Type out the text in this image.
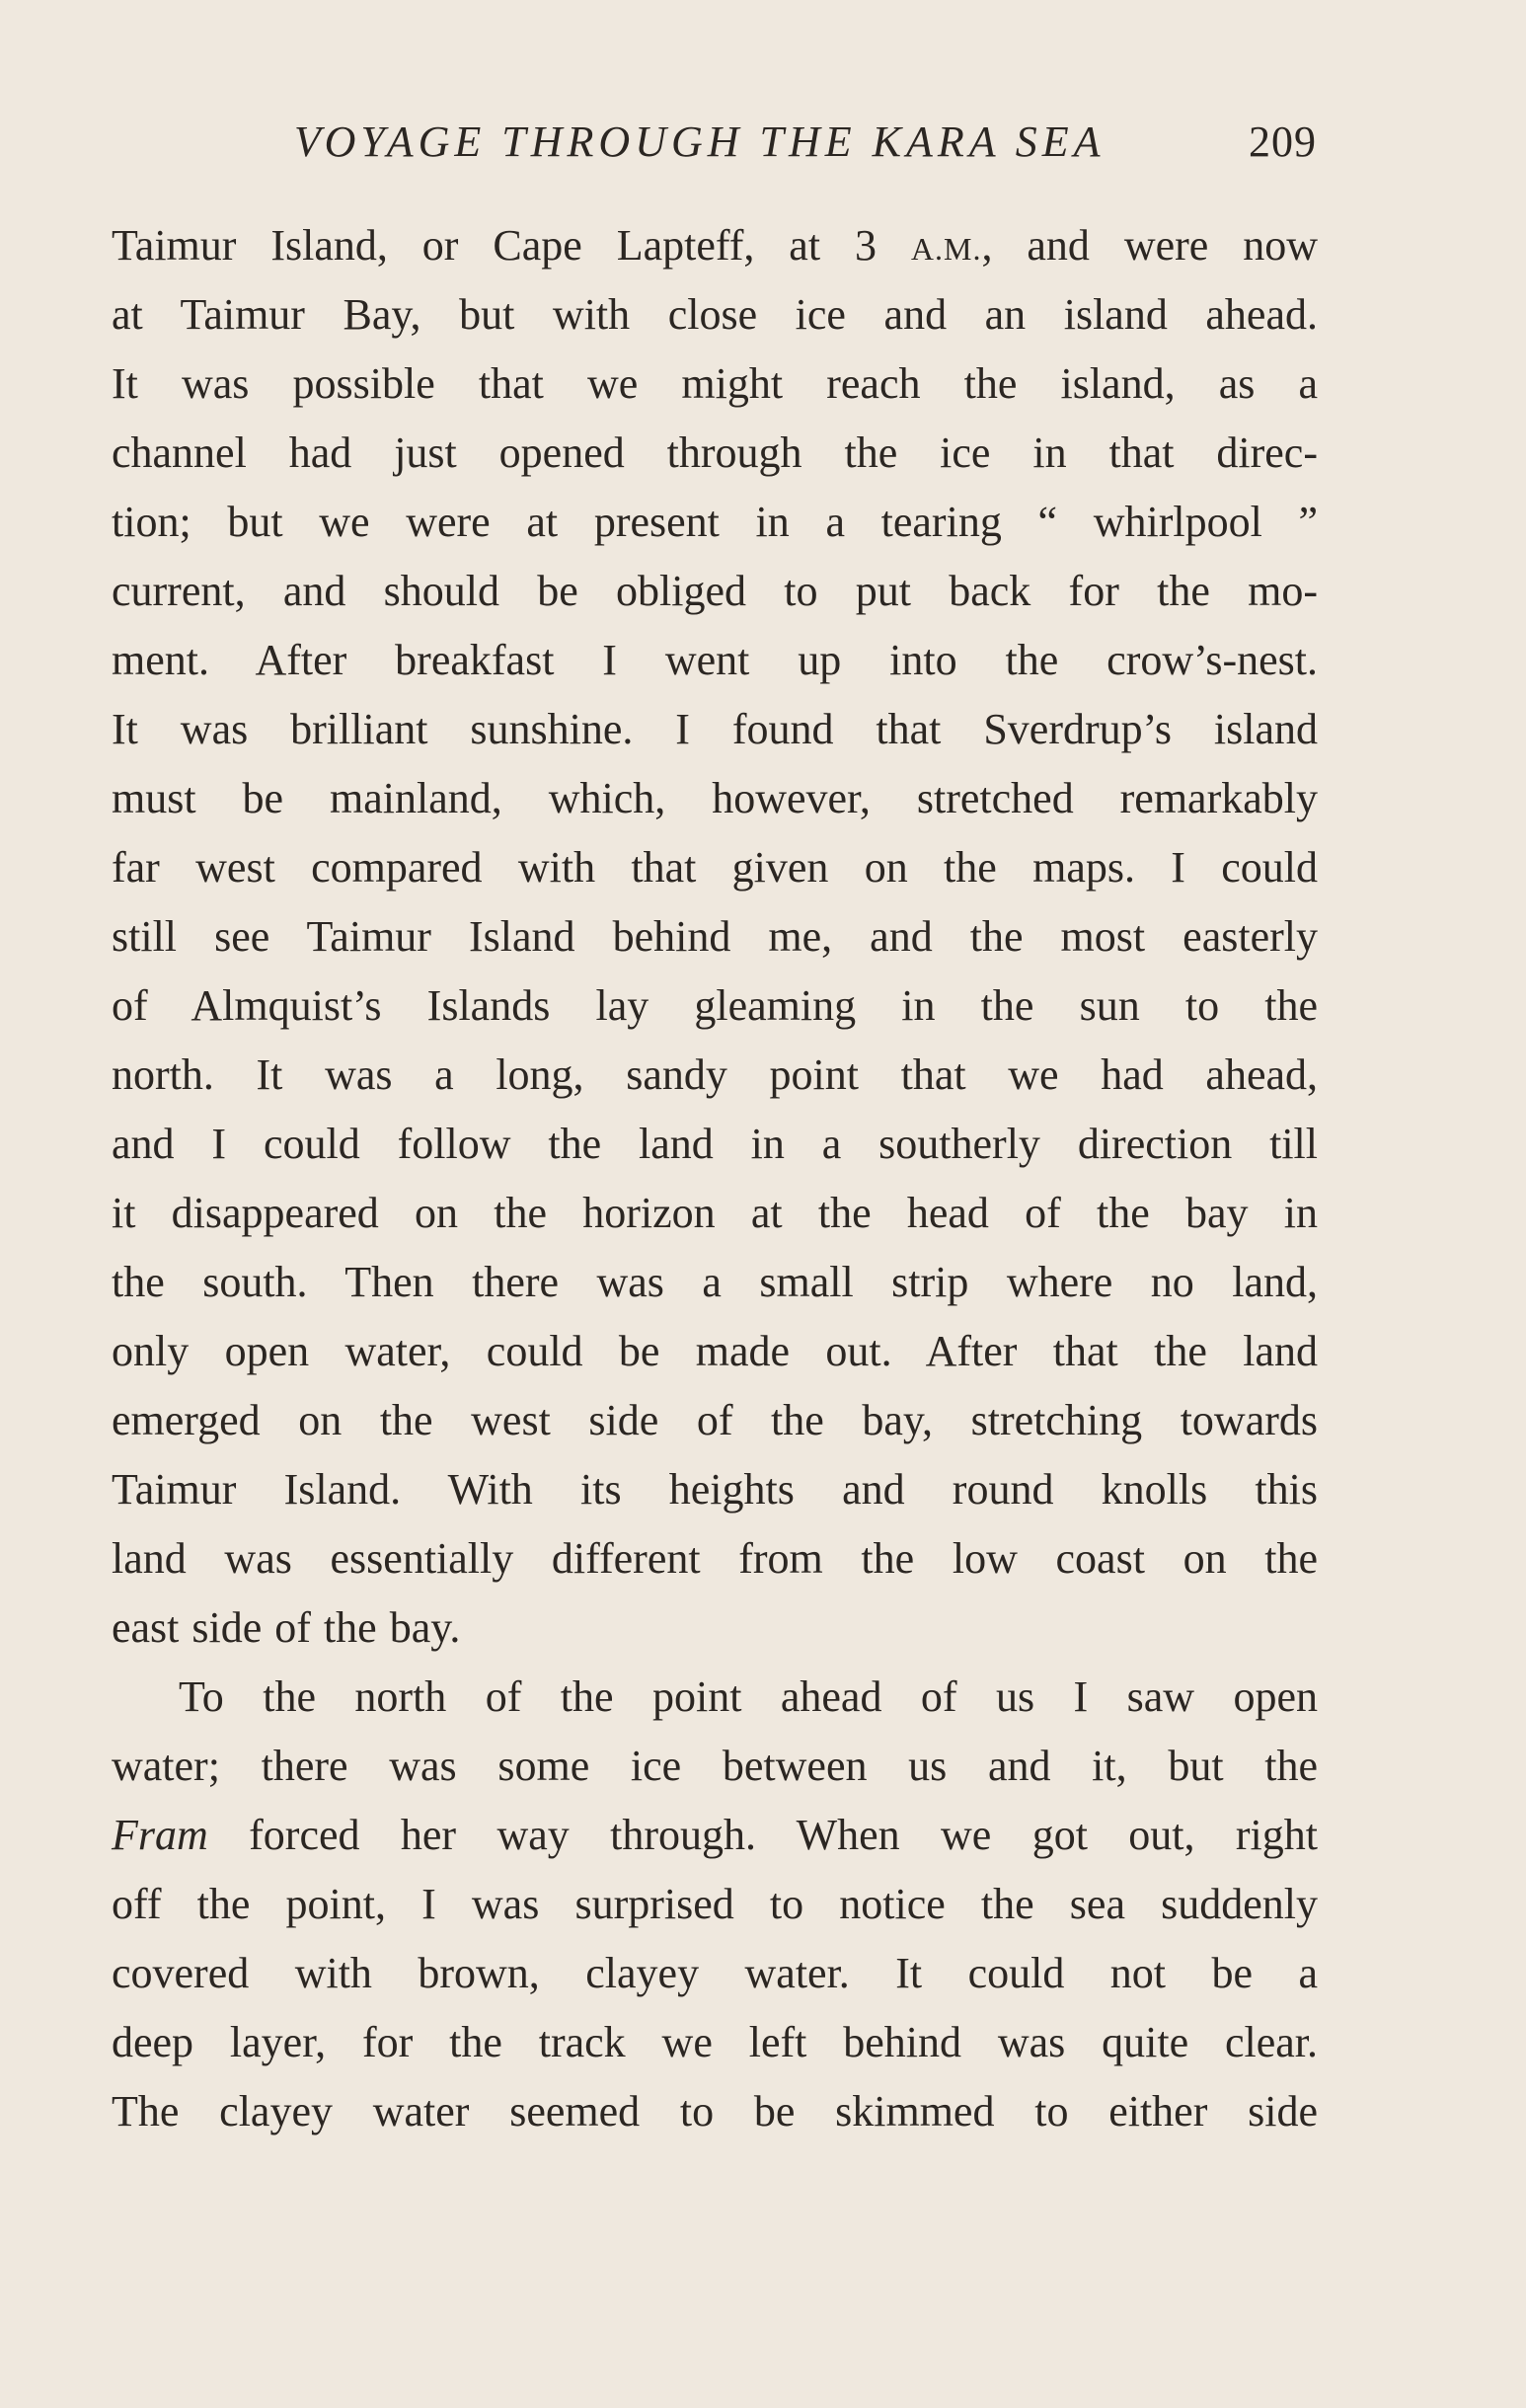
VOYAGE THROUGH THE KARA SEA	209
Taimur Island, or Cape Lapteff, at 3 A.M., and were now
at Taimur Bay, but with close ice and an island ahead.
It was possible that we might reach the island, as a
channel had just opened through the ice in that direc-
tion; but we were at present in a tearing “ whirlpool ”
current, and should be obliged to put back for the mo-
ment. After breakfast I went up into the crow’s-nest.
It was brilliant sunshine. I found that Sverdrup’s island
must be mainland, which, however, stretched remarkably
far west compared with that given on the maps. I could
still see Taimur Island behind me, and the most easterly
of Almquist’s Islands lay gleaming in the sun to the
north. It was a long, sandy point that we had ahead,
and I could follow the land in a southerly direction till
it disappeared on the horizon at the head of the bay in
the south. Then there was a small strip where no land,
only open water, could be made out. After that the land
emerged on the west side of the bay, stretching towards
Taimur Island. With its heights and round knolls this
land was essentially different from the low coast on the
east side of the bay.
To the north of the point ahead of us I saw open
water; there was some ice between us and it, but the
Fram forced her way through. When we got out, right
off the point, I was surprised to notice the sea suddenly
covered with brown, clayey water. It could not be a
deep layer, for the track we left behind was quite clear.
The clayey water seemed to be skimmed to either side
